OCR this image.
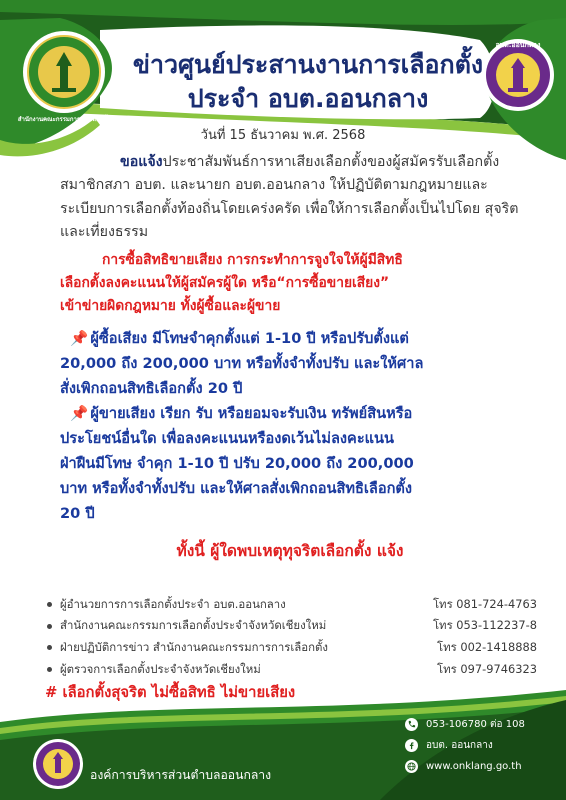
สำนักงานคณะกรรมการการเลือกตั้ง
อบต.ออนกลาง
ข่าวศูนย์ประสานงานการเลือกตั้ง
ประจำ อบต.ออนกลาง
วันที่ 15 ธันวาคม พ.ศ. 2568

ขอแจ้งประชาสัมพันธ์การหาเสียงเลือกตั้งของผู้สมัครรับเลือกตั้งสมาชิกสภา อบต. และนายก อบต.ออนกลาง ให้ปฏิบัติตามกฎหมายและระเบียบการเลือกตั้งท้องถิ่นโดยเคร่งครัด เพื่อให้การเลือกตั้งเป็นไปโดย สุจริตและเที่ยงธรรม

การซื้อสิทธิขายเสียง การกระทำการจูงใจให้ผู้มีสิทธิ
เลือกตั้งลงคะแนนให้ผู้สมัครผู้ใด หรือ“การซื้อขายเสียง”
เข้าข่ายผิดกฎหมาย ทั้งผู้ซื้อและผู้ขาย
📌 ผู้ซื้อเสียง มีโทษจำคุกตั้งแต่ 1-10 ปี หรือปรับตั้งแต่
20,000 ถึง 200,000 บาท หรือทั้งจำทั้งปรับ และให้ศาล
สั่งเพิกถอนสิทธิเลือกตั้ง 20 ปี
📌 ผู้ขายเสียง เรียก รับ หรือยอมจะรับเงิน ทรัพย์สินหรือ
ประโยชน์อื่นใด เพื่อลงคะแนนหรืองดเว้นไม่ลงคะแนน
ฝ่าฝืนมีโทษ จำคุก 1-10 ปี ปรับ 20,000 ถึง 200,000
บาท หรือทั้งจำทั้งปรับ และให้ศาลสั่งเพิกถอนสิทธิเลือกตั้ง
20 ปี
ทั้งนี้ ผู้ใดพบเหตุทุจริตเลือกตั้ง แจ้ง
ผู้อำนวยการการเลือกตั้งประจำ อบต.ออนกลาง	โทร 081-724-4763
สำนักงานคณะกรรมการเลือกตั้งประจำจังหวัดเชียงใหม่	โทร 053-112237-8
ฝ่ายปฏิบัติการข่าว สำนักงานคณะกรรมการการเลือกตั้ง	โทร 002-1418888
ผู้ตรวจการเลือกตั้งประจำจังหวัดเชียงใหม่	โทร 097-9746323
# เลือกตั้งสุจริต ไม่ซื้อสิทธิ ไม่ขายเสียง
องค์การบริหารส่วนตำบลออนกลาง
053-106780 ต่อ 108
อบต. ออนกลาง
www.onklang.go.th
